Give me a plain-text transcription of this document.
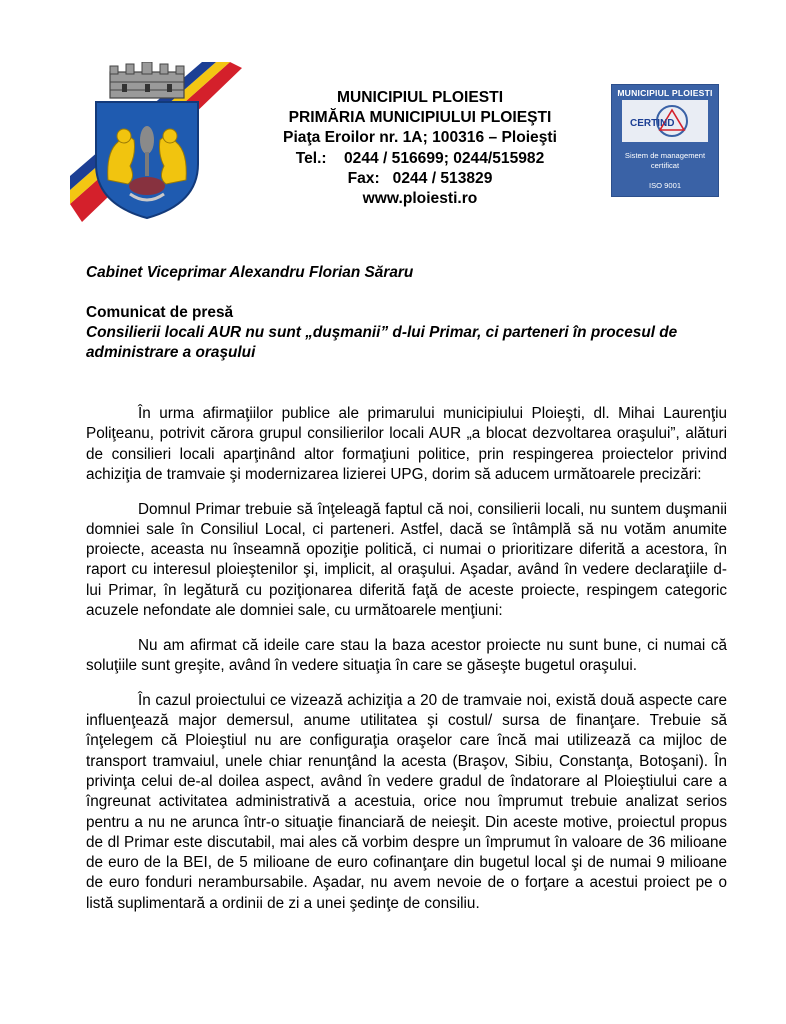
MUNICIPIUL PLOIESTI
PRIMĂRIA MUNICIPIULUI PLOIEŞTI
Piaţa Eroilor nr. 1A; 100316 – Ploieşti
Tel.: 0244 / 516699; 0244/515982
Fax: 0244 / 513829
www.ploiesti.ro
MUNICIPIUL PLOIESTI
CERTIND
Sistem de management
certificat
ISO 9001
Cabinet Viceprimar Alexandru Florian Săraru
Comunicat de presă
Consilierii locali AUR nu sunt „duşmanii” d-lui Primar, ci parteneri în procesul de administrare a oraşului

În urma afirmaţiilor publice ale primarului municipiului Ploieşti, dl. Mihai Laurenţiu Poliţeanu, potrivit cărora grupul consilierilor locali AUR „a blocat dezvoltarea oraşului”, alături de consilieri locali aparţinând altor formaţiuni politice, prin respingerea proiectelor privind achiziţia de tramvaie şi modernizarea lizierei UPG, dorim să aducem următoarele precizări:

Domnul Primar trebuie să înţeleagă faptul că noi, consilierii locali, nu suntem duşmanii domniei sale în Consiliul Local, ci parteneri. Astfel, dacă se întâmplă să nu votăm anumite proiecte, aceasta nu înseamnă opoziţie politică, ci numai o prioritizare diferită a acestora, în raport cu interesul ploieştenilor şi, implicit, al oraşului. Aşadar, având în vedere declaraţiile d-lui Primar, în legătură cu poziţionarea diferită faţă de aceste proiecte, respingem categoric acuzele nefondate ale domniei sale, cu următoarele menţiuni:

Nu am afirmat că ideile care stau la baza acestor proiecte nu sunt bune, ci numai că soluţiile sunt greşite, având în vedere situaţia în care se găseşte bugetul oraşului.

În cazul proiectului ce vizează achiziţia a 20 de tramvaie noi, există două aspecte care influenţează major demersul, anume utilitatea şi costul/ sursa de finanţare. Trebuie să înţelegem că Ploieştiul nu are configuraţia oraşelor care încă mai utilizează ca mijloc de transport tramvaiul, unele chiar renunţând la acesta (Braşov, Sibiu, Constanţa, Botoşani). În privinţa celui de-al doilea aspect, având în vedere gradul de îndatorare al Ploieştiului care a îngreunat activitatea administrativă a acestuia, orice nou împrumut trebuie analizat serios pentru a nu ne arunca într-o situaţie financiară de neieşit. Din aceste motive, proiectul propus de dl Primar este discutabil, mai ales că vorbim despre un împrumut în valoare de 36 milioane de euro de la BEI, de 5 milioane de euro cofinanţare din bugetul local şi de numai 9 milioane de euro fonduri nerambursabile. Aşadar, nu avem nevoie de o forţare a acestui proiect pe o listă suplimentară a ordinii de zi a unei şedinţe de consiliu.
